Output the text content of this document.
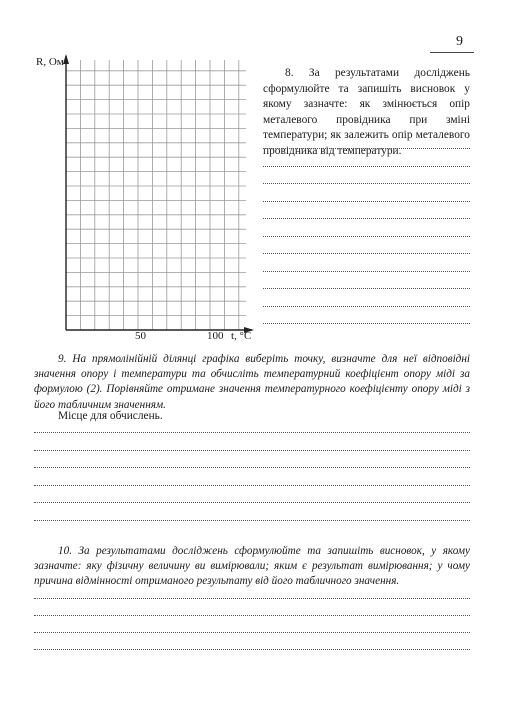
9
R, Ом
t, °С
50	100
8. За результатами досліджень сформулюйте та запишіть висновок у якому зазначте: як змінюється опір металевого провідника при зміні температури; як залежить опір металевого провідника від температури.
9. На прямолінійній ділянці графіка виберіть точку, визначте для неї відповідні значення опору і температури та обчисліть температурний коефіцієнт опору міді за формулою (2). Порівняйте отримане значення температурного коефіцієнту опору міді з його табличним значенням.
Місце для обчислень.
10. За результатами досліджень сформулюйте та запишіть висновок, у якому зазначте: яку фізичну величину ви вимірювали; яким є результат вимірювання; у чому причина відмінності отриманого результату від його табличного значення.
